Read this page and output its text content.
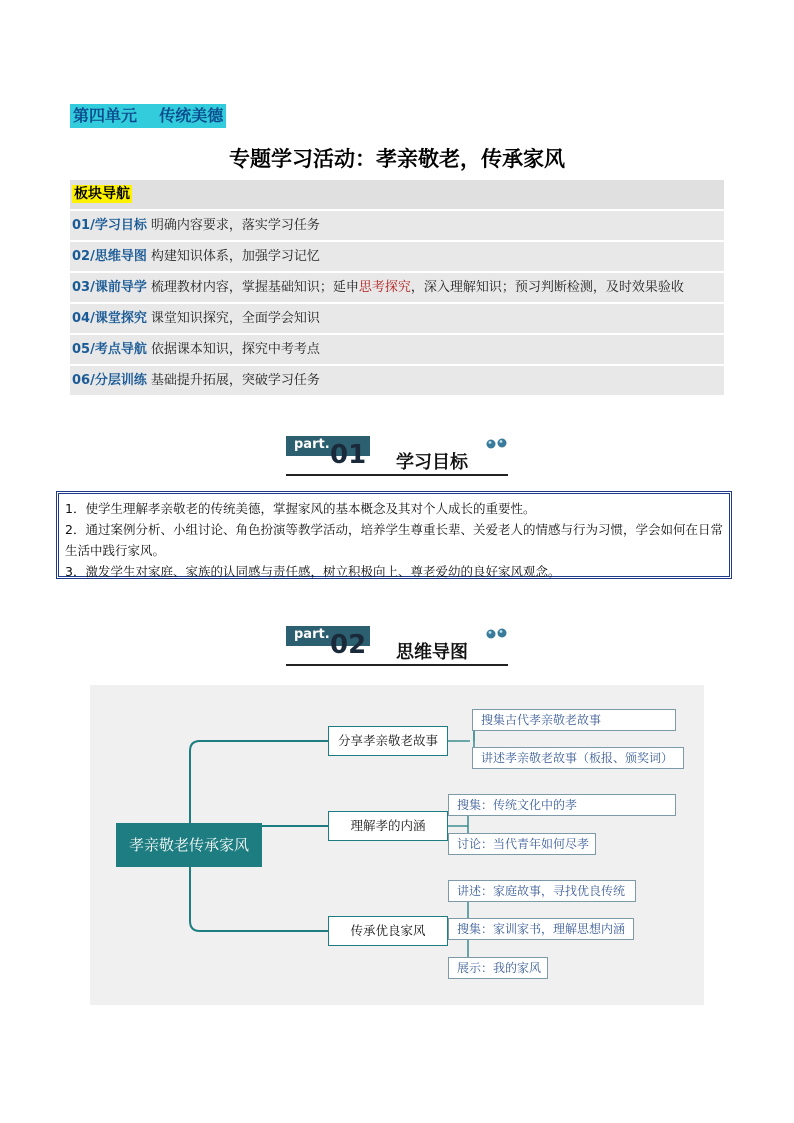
第四单元    传统美德
专题学习活动：孝亲敬老，传承家风
板块导航
01/学习目标 明确内容要求，落实学习任务
02/思维导图 构建知识体系，加强学习记忆
03/课前导学 梳理教材内容，掌握基础知识；延申思考探究，深入理解知识；预习判断检测，及时效果验收
04/课堂探究 课堂知识探究，全面学会知识
05/考点导航 依据课本知识，探究中考考点
06/分层训练 基础提升拓展，突破学习任务
part. 01 学习目标
1．使学生理解孝亲敬老的传统美德，掌握家风的基本概念及其对个人成长的重要性。
2．通过案例分析、小组讨论、角色扮演等教学活动，培养学生尊重长辈、关爱老人的情感与行为习惯，学会如何在日常生活中践行家风。
3．激发学生对家庭、家族的认同感与责任感，树立积极向上、尊老爱幼的良好家风观念。
part. 02 思维导图
孝亲敬老传承家风
分享孝亲敬老故事
理解孝的内涵
传承优良家风
搜集古代孝亲敬老故事
讲述孝亲敬老故事（板报、颁奖词）
搜集：传统文化中的孝
讨论：当代青年如何尽孝
讲述：家庭故事，寻找优良传统
搜集：家训家书，理解思想内涵
展示：我的家风
